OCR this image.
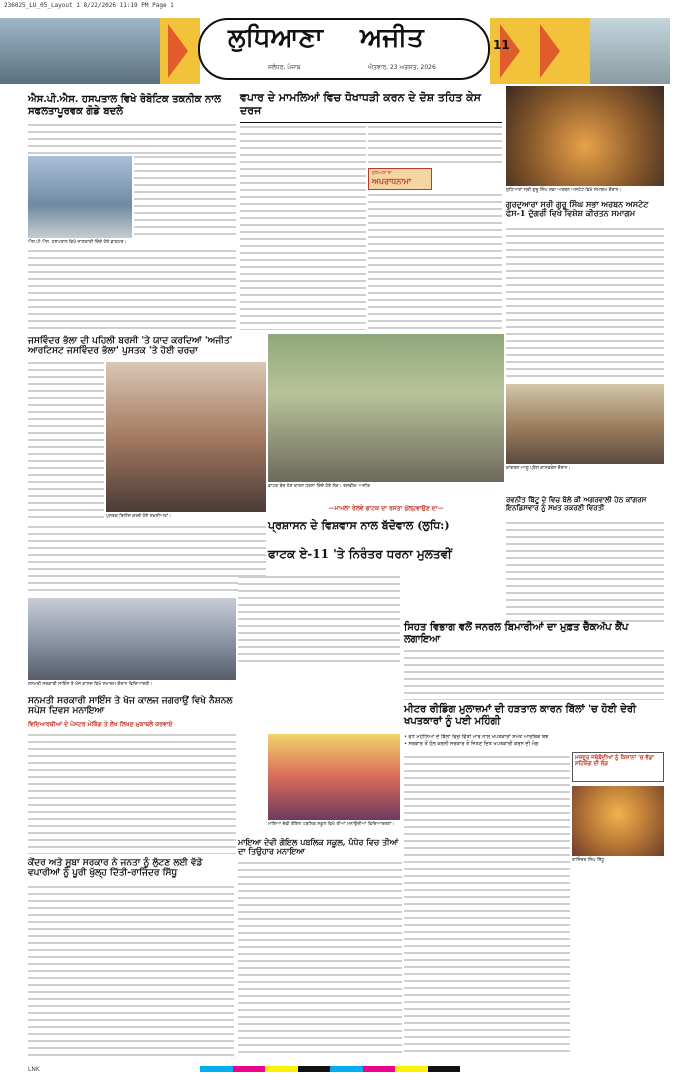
236025_LU_05_Layout 1 8/22/2026 11:19 PM Page 1
ਲੁਧਿਆਣਾ ਅਜੀਤ
ਜਲੰਧਰ, ਪੰਜਾਬ	ਐਤਵਾਰ, 23 ਅਗਸਤ, 2026
11
ਐਸ.ਪੀ.ਐਸ. ਹਸਪਤਾਲ ਵਿਖੇ ਰੋਬੋਟਿਕ ਤਕਨੀਕ ਨਾਲ ਸਫਲਤਾਪੂਰਵਕ ਗੋਡੇ ਬਦਲੇ
ਐਸ.ਪੀ.ਐਸ. ਹਸਪਤਾਲ ਵਿਖੇ ਜਾਣਕਾਰੀ ਦਿੰਦੇ ਹੋਏ ਡਾਕਟਰ।
ਵਪਾਰ ਦੇ ਮਾਮਲਿਆਂ ਵਿਚ ਧੋਖਾਧੜੀ ਕਰਨ ਦੇ ਦੋਸ਼ ਤਹਿਤ ਕੇਸ ਦਰਜ
ਲੁਧਿਆਣਾ ਦਾ
ਅਪਰਾਧਨਾਮਾ
ਲੁਧਿਆਣਾ ਸ੍ਰੀ ਗੁਰੂ ਸਿੰਘ ਸਭਾ ਅਰਬਨ ਅਸਟੇਟ ਵਿਖੇ ਸਮਾਗਮ ਦੌਰਾਨ।
ਗੁਰਦੁਆਰਾ ਸ੍ਰੀ ਗੁਰੂ ਸਿੰਘ ਸਭਾ ਅਰਬਨ ਅਸਟੇਟ ਫੇਸ-1 ਦੁੱਗਰੀ ਵਿਖੇ ਵਿਸ਼ੇਸ਼ ਕੀਰਤਨ ਸਮਾਗਮ
ਜਸਵਿੰਦਰ ਭੱਲਾ ਦੀ ਪਹਿਲੀ ਬਰਸੀ 'ਤੇ ਯਾਦ ਕਰਦਿਆਂ 'ਅਜੀਤ' ਆਰਟਿਸਟ ਜਸਵਿੰਦਰ ਭੱਲਾ' ਪੁਸਤਕ 'ਤੇ ਹੋਈ ਚਰਚਾ
ਪੁਸਤਕ ਰਿਲੀਜ਼ ਕਰਦੇ ਹੋਏ ਸ਼ਖ਼ਸੀਅਤਾਂ।
ਫਾਟਕ ਬੰਦ ਹੋਣ ਕਾਰਨ ਧਰਨਾ ਦਿੰਦੇ ਹੋਏ ਲੋਕ। ਤਸਵੀਰ: ਅਜੀਤ
—ਮਾਮਲਾ ਰੇਲਵੇ ਫਾਟਕ ਦਾ ਰਸਤਾ ਖੁੱਲ੍ਹਵਾਉਣ ਦਾ—
ਪ੍ਰਸ਼ਾਸਨ ਦੇ ਵਿਸ਼ਵਾਸ ਨਾਲ ਬੱਦੋਵਾਲ (ਲੁਧਿ:)
ਫਾਟਕ ਏ-11 'ਤੇ ਨਿਰੰਤਰ ਧਰਨਾ ਮੁਲਤਵੀਂ
ਕਾਂਗਰਸ ਆਗੂ ਪ੍ਰੈਸ ਕਾਨਫਰੰਸ ਦੌਰਾਨ।
ਰਵਨੀਤ ਬਿੱਟੂ ਦੇ ਵਿਚ ਬੋਲੇ ਕੀ ਅਗਰਵਾਲੀ ਹੇਠ ਕਾਂਗਰਸ ਇਨਡਿਸਵਾਰ ਨੂੰ ਸਖ਼ਤ ਰਕਰਣੀ ਵਿਰਤੀ
ਸਨਮਤੀ ਸਰਕਾਰੀ ਸਾਇੰਸ ਤੇ ਖੋਜ ਕਾਲਜ ਵਿਖੇ ਸਮਾਗਮ ਦੌਰਾਨ ਵਿਦਿਆਰਥੀ।
ਸਨਮਤੀ ਸਰਕਾਰੀ ਸਾਇੰਸ ਤੇ ਖੋਜ ਕਾਲਜ ਜਗਰਾਉਂ ਵਿਖੇ ਨੈਸ਼ਨਲ ਸਪੇਸ ਦਿਵਸ ਮਨਾਇਆ
ਵਿਦਿਆਰਥੀਆਂ ਦੇ ਪੋਸਟਰ ਮੇਕਿੰਗ ਤੇ ਲੇਖ ਲਿਖਣ ਮੁਕਾਬਲੇ ਕਰਵਾਏ
ਸਿਹਤ ਵਿਭਾਗ ਵਲੋਂ ਜਨਰਲ ਬਿਮਾਰੀਆਂ ਦਾ ਮੁਫ਼ਤ ਚੈੱਕਅੱਪ ਕੈਂਪ ਲਗਾਇਆ
ਮਾਇਆ ਦੇਵੀ ਗੋਇਲ ਪਬਲਿਕ ਸਕੂਲ ਵਿਖੇ ਤੀਆਂ ਮਨਾਉਂਦੀਆਂ ਵਿਦਿਆਰਥਣਾਂ।
ਮਾਇਆ ਦੇਵੀ ਗੋਇਲ ਪਬਲਿਕ ਸਕੂਲ, ਪੰਧੇਰ ਵਿਚ ਤੀਆਂ ਦਾ ਤਿਉਹਾਰ ਮਨਾਇਆ
ਮੀਟਰ ਰੀਡਿੰਗ ਮੁਲਾਜ਼ਮਾਂ ਦੀ ਹੜਤਾਲ ਕਾਰਨ ਬਿੱਲਾਂ 'ਚ ਹੋਈ ਦੇਰੀ ਖਪਤਕਾਰਾਂ ਨੂੰ ਪਈ ਮਹਿੰਗੀ
• ਵਧੇ ਮਹੀਨਿਆਂ ਦੇ ਬਿੱਲਾਂ ਵਿਚੋਂ ਵਿੱਤੀ ਮਾਰ ਨਾਲ ਖਪਤਕਾਰਾਂ ਸਮੇਤ ਆਰਥਿਕ ਬੋਝ
• ਸਰਕਾਰ ਤੋਂ ਹੱਲ ਕਰਨੀ ਸਰਕਾਰ ਤੋਂ ਜਿਤਣ ਦਿਤ ਖਪਤਕਾਰੀ ਕਰਨ ਦੀ ਮੰਗ
ਰਾਜਿੰਦਰ ਸਿੰਘ ਸਿੱਧੂ
ਮਜ਼ਦੂਰ ਜਥੇਬੰਦੀਆਂ ਨੂੰ ਕਿਸਾਨਾਂ 'ਚ ਵੱਡਾ ਸਹਿਯੋਗ ਦੀ ਲੋੜ
ਕੇਂਦਰ ਅਤੇ ਸੂਬਾ ਸਰਕਾਰ ਨੇ ਜਨਤਾ ਨੂੰ ਲੁੱਟਣ ਲਈ ਵੱਡੇ ਵਪਾਰੀਆਂ ਨੂੰ ਪੂਰੀ ਖੁੱਲ੍ਹ ਦਿੱਤੀ-ਰਾਜਿੰਦਰ ਸਿੱਧੂ
LNK
